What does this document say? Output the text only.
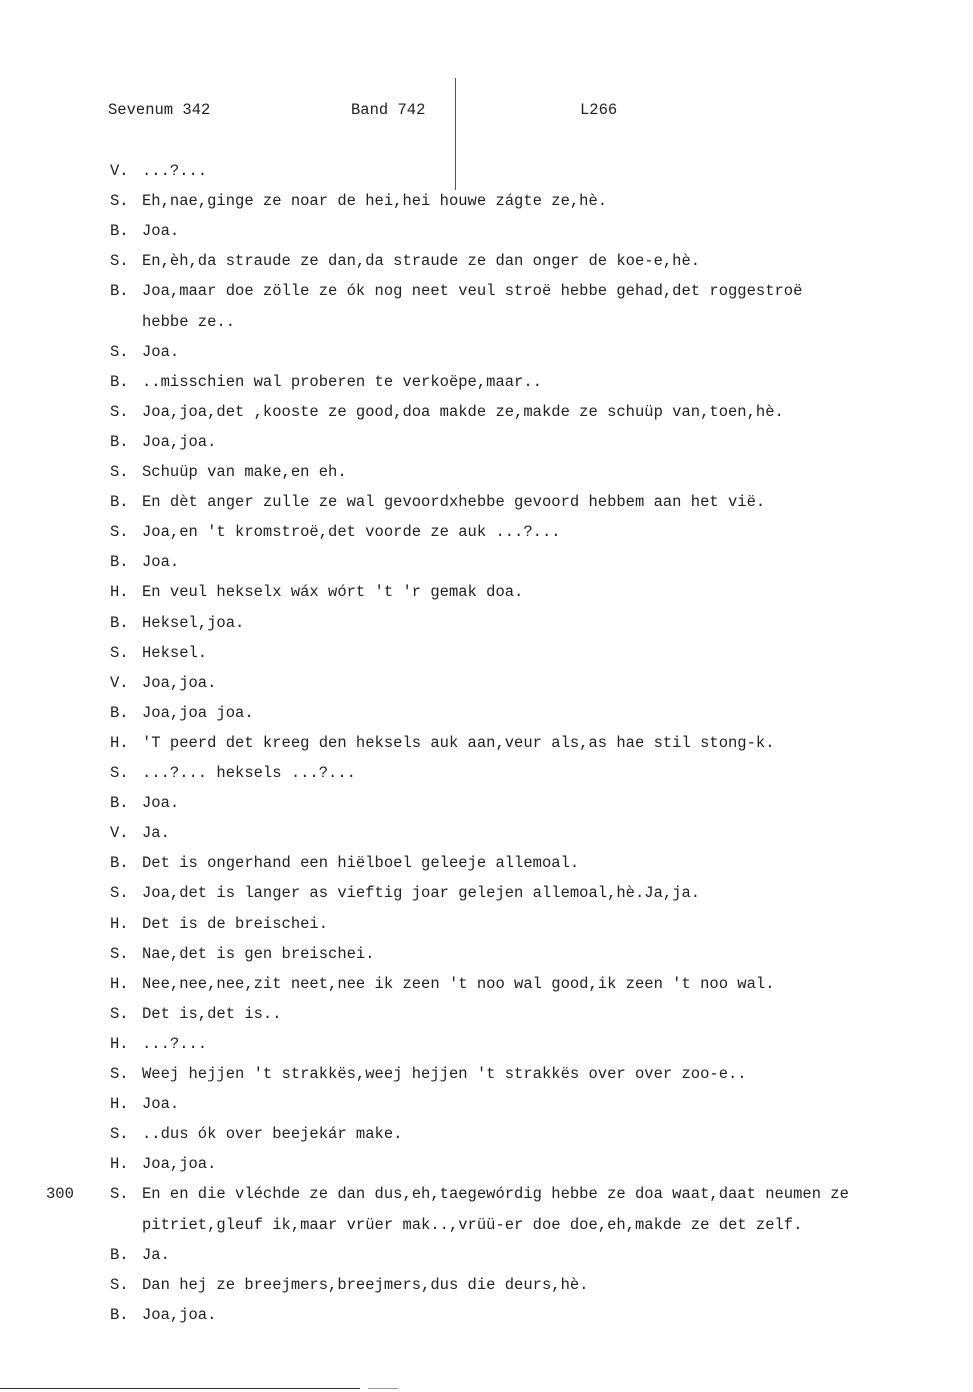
Sevenum 342	Band 742	L266
V. ...?...
S. Eh,nae,ginge ze noar de hei,hei houwe zágte ze,hè.
B. Joa.
S. En,èh,da straude ze dan,da straude ze dan onger de koe-e,hè.
B. Joa,maar doe zölle ze ók nog neet veul stroë hebbe gehad,det roggestroë
hebbe ze..
S. Joa.
B. ..misschien wal proberen te verkoëpe,maar..
S. Joa,joa,det ,kooste ze good,doa makde ze,makde ze schuüp van,toen,hè.
B. Joa,joa.
S. Schuüp van make,en eh.
B. En dèt anger zulle ze wal gevoordxhebbe gevoord hebbem aan het vië.
S. Joa,en 't kromstroë,det voorde ze auk ...?...
B. Joa.
H. En veul hekselx wáx wórt 't 'r gemak doa.
B. Heksel,joa.
S. Heksel.
V. Joa,joa.
B. Joa,joa joa.
H. 'T peerd det kreeg den heksels auk aan,veur als,as hae stil stong-k.
S. ...?... heksels ...?...
B. Joa.
V. Ja.
B. Det is ongerhand een hiëlboel geleeje allemoal.
S. Joa,det is langer as vieftig joar gelejen allemoal,hè.Ja,ja.
H. Det is de breischei.
S. Nae,det is gen breischei.
H. Nee,nee,nee,zit neet,nee ik zeen 't noo wal good,ik zeen 't noo wal.
S. Det is,det is..
H. ...?...
S. Weej hejjen 't strakkës,weej hejjen 't strakkës over over zoo-e..
H. Joa.
S. ..dus ók over beejekár make.
H. Joa,joa.
300 S. En en die vléchde ze dan dus,eh,taegewórdig hebbe ze doa waat,daat neumen ze
pitriet,gleuf ik,maar vrüer mak..,vrüü-er doe doe,eh,makde ze det zelf.
B. Ja.
S. Dan hej ze breejmers,breejmers,dus die deurs,hè.
B. Joa,joa.
